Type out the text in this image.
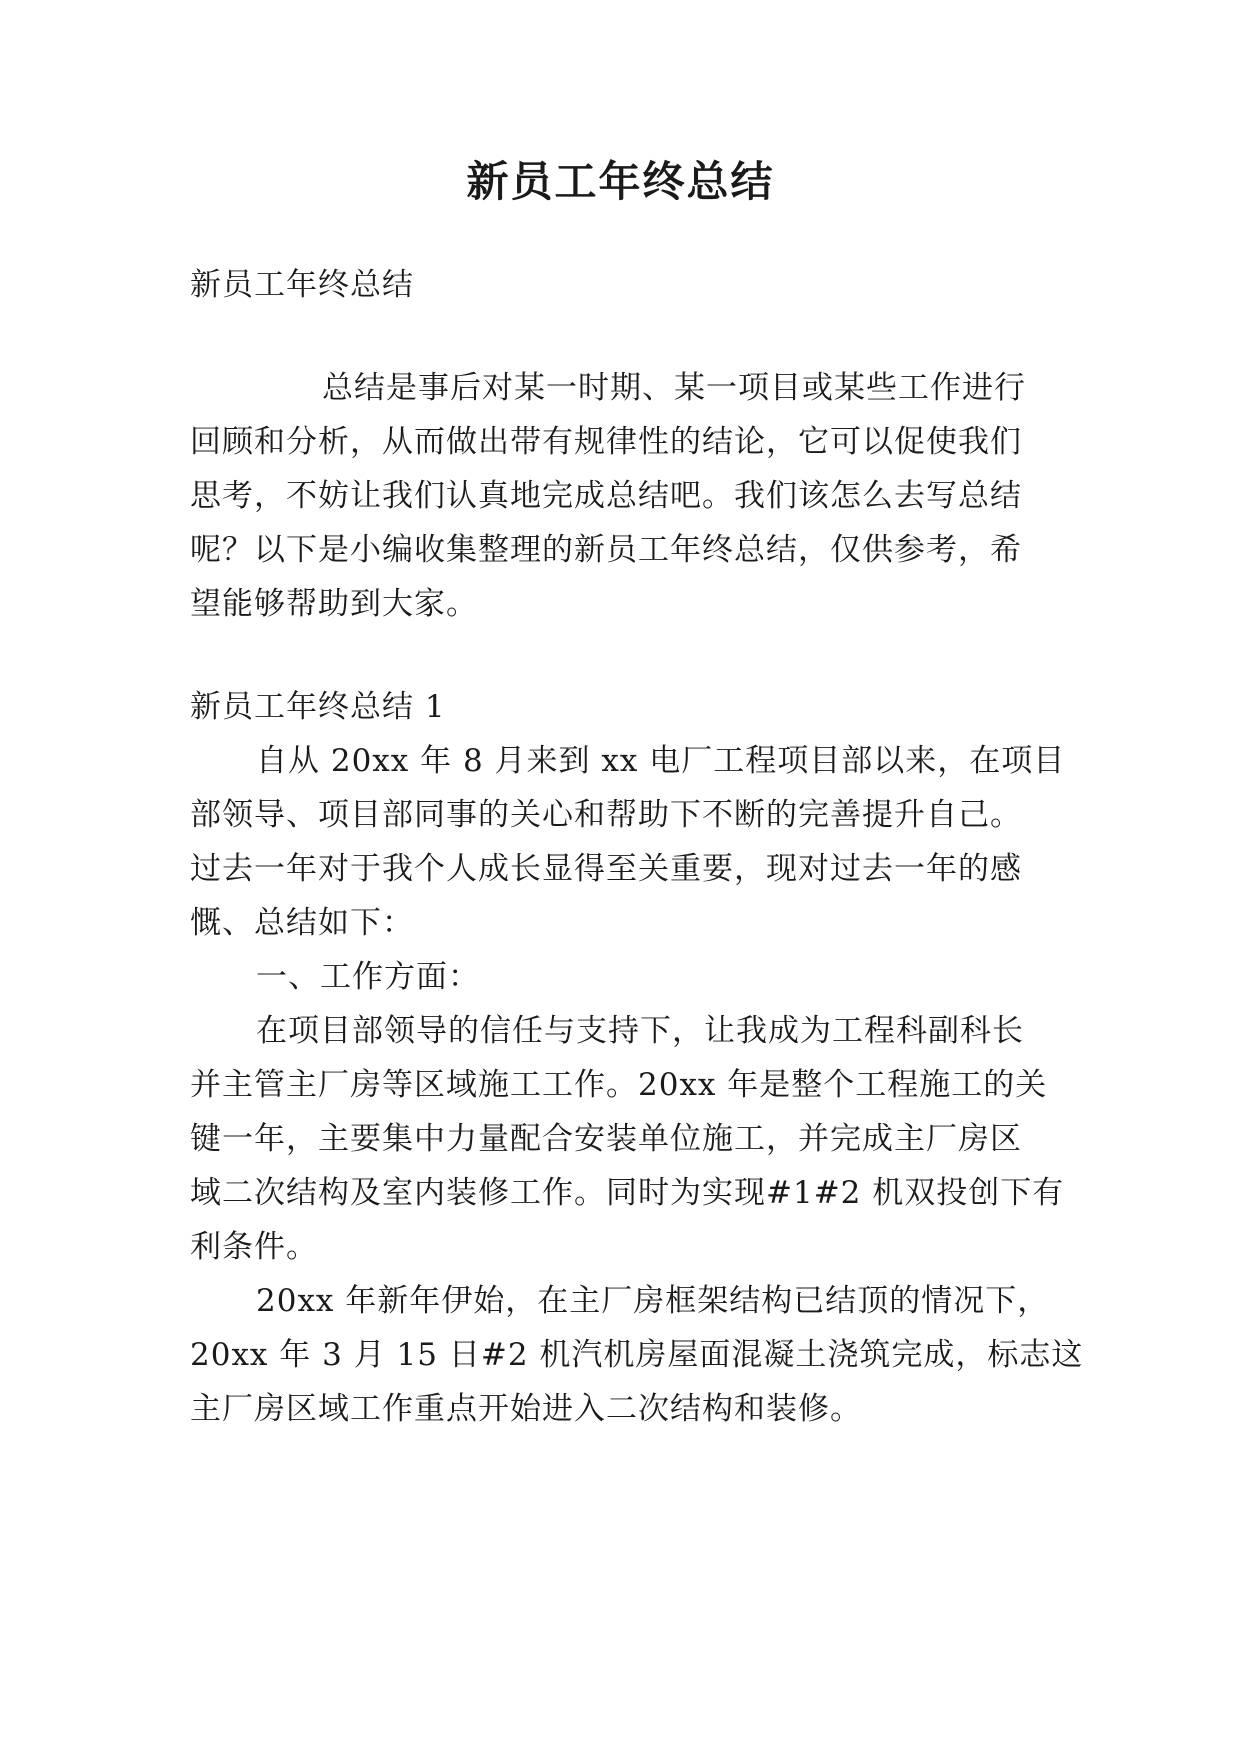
新员工年终总结
新员工年终总结
总结是事后对某一时期、某一项目或某些工作进行
回顾和分析，从而做出带有规律性的结论，它可以促使我们
思考，不妨让我们认真地完成总结吧。我们该怎么去写总结
呢？以下是小编收集整理的新员工年终总结，仅供参考，希
望能够帮助到大家。
新员工年终总结 1
自从 20xx 年 8 月来到 xx 电厂工程项目部以来，在项目
部领导、项目部同事的关心和帮助下不断的完善提升自己。
过去一年对于我个人成长显得至关重要，现对过去一年的感
慨、总结如下：
一、工作方面：
在项目部领导的信任与支持下，让我成为工程科副科长
并主管主厂房等区域施工工作。20xx 年是整个工程施工的关
键一年，主要集中力量配合安装单位施工，并完成主厂房区
域二次结构及室内装修工作。同时为实现#1#2 机双投创下有
利条件。
20xx 年新年伊始，在主厂房框架结构已结顶的情况下，
20xx 年 3 月 15 日#2 机汽机房屋面混凝土浇筑完成，标志这
主厂房区域工作重点开始进入二次结构和装修。
